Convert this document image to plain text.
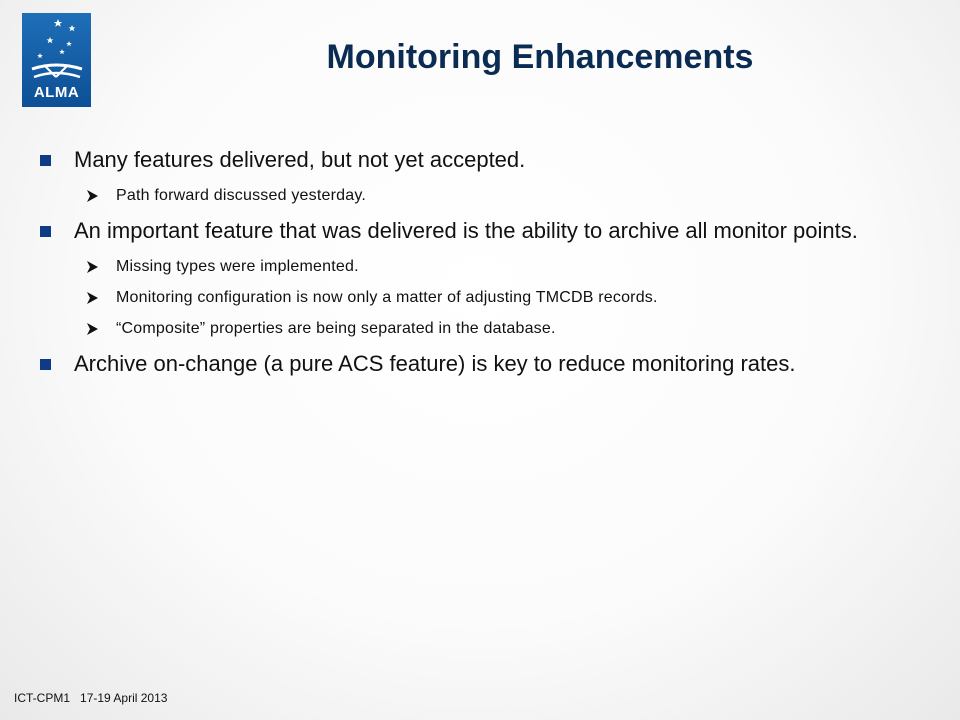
ALMA
Monitoring Enhancements
Many features delivered, but not yet accepted.
Path forward discussed yesterday.
An important feature that was delivered is the ability to archive all monitor points.
Missing types were implemented.
Monitoring configuration is now only a matter of adjusting TMCDB records.
“Composite” properties are being separated in the database.
Archive on-change (a pure ACS feature) is key to reduce monitoring rates.
ICT-CPM1 17-19 April 2013
